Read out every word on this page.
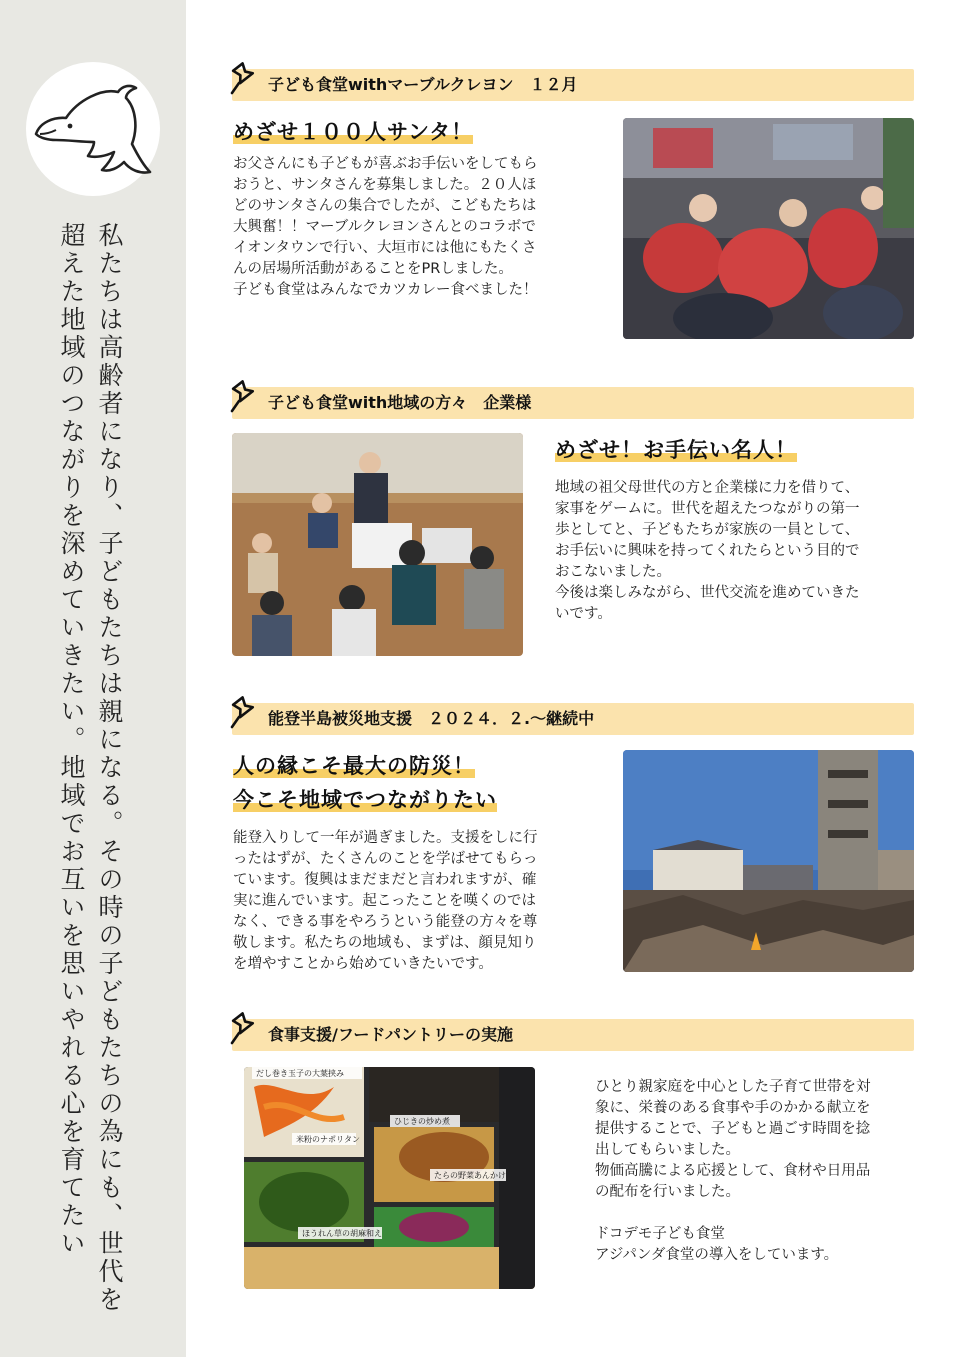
私たちは高齢者になり、子どもたちは親になる。その時の子どもたちの為にも、世代を超えた地域のつながりを深めていきたい。地域でお互いを思いやれる心を育てたい
子ども食堂withマーブルクレヨン　１２月
めざせ１００人サンタ！

お父さんにも子どもが喜ぶお手伝いをしてもら
おうと、サンタさんを募集しました。２０人ほ
どのサンタさんの集合でしたが、こどもたちは
大興奮！！マーブルクレヨンさんとのコラボで
イオンタウンで行い、大垣市には他にもたくさ
んの居場所活動があることをPRしました。
子ども食堂はみんなでカツカレー食べました！

子ども食堂with地域の方々　企業様
めざせ！お手伝い名人！

地域の祖父母世代の方と企業様に力を借りて、
家事をゲームに。世代を超えたつながりの第一
歩としてと、子どもたちが家族の一員として、
お手伝いに興味を持ってくれたらという目的で
おこないました。
今後は楽しみながら、世代交流を進めていきた
いです。

能登半島被災地支援　２０２４．２.～継続中
人の縁こそ最大の防災！
今こそ地域でつながりたい

能登入りして一年が過ぎました。支援をしに行
ったはずが、たくさんのことを学ばせてもらっ
ています。復興はまだまだと言われますが、確
実に進んでいます。起こったことを嘆くのでは
なく、できる事をやろうという能登の方々を尊
敬します。私たちの地域も、まずは、顔見知り
を増やすことから始めていきたいです。

食事支援/フードパントリーの実施
だし巻き玉子の大葉挟み
ひじきの炒め煮
米粉のナポリタン
たらの野菜あんかけ
ほうれん草の胡麻和え

ひとり親家庭を中心とした子育て世帯を対
象に、栄養のある食事や手のかかる献立を
提供することで、子どもと過ごす時間を捻
出してもらいました。
物価高騰による応援として、食材や日用品
の配布を行いました。

ドコデモ子ども食堂
アジパンダ食堂の導入をしています。
